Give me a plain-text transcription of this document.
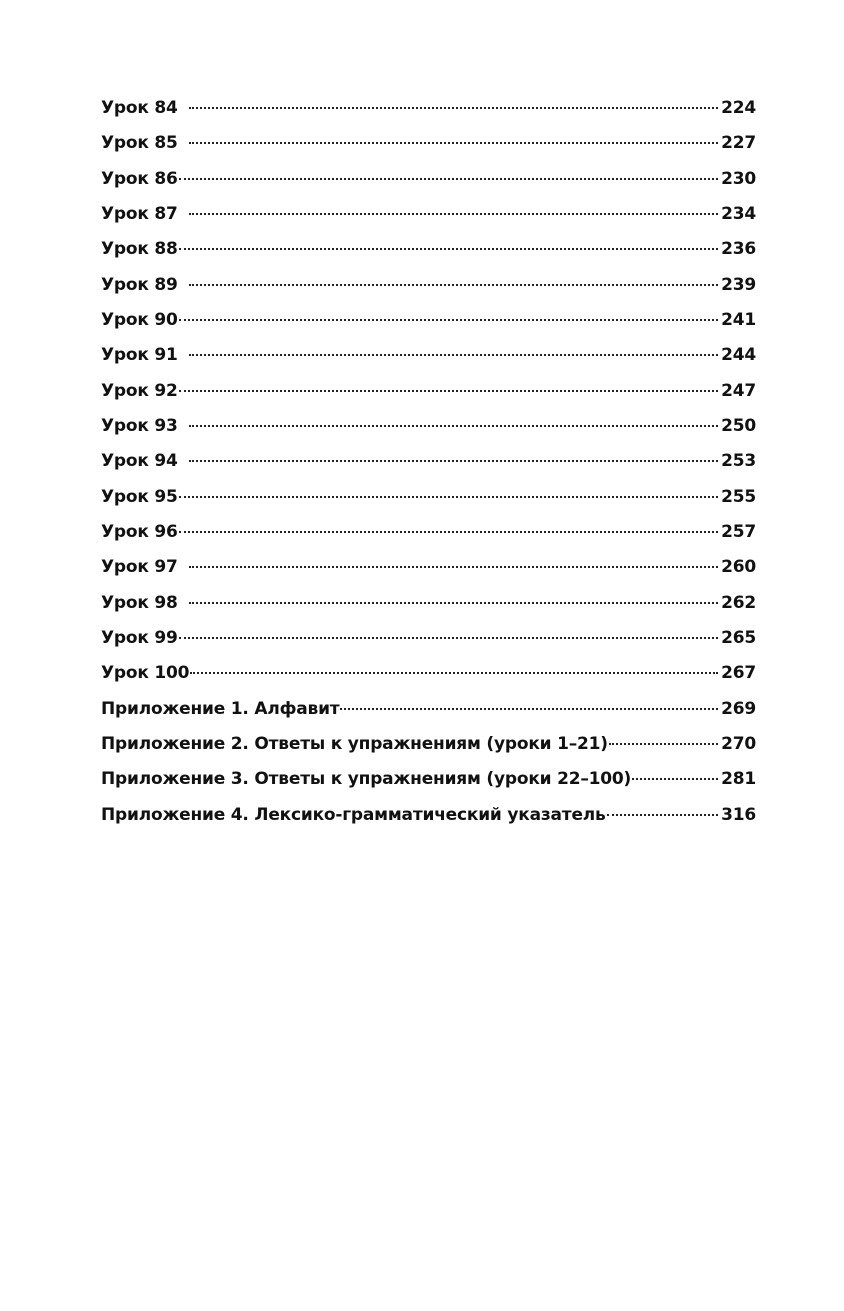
Урок 84	224
Урок 85	227
Урок 86	230
Урок 87	234
Урок 88	236
Урок 89	239
Урок 90	241
Урок 91	244
Урок 92	247
Урок 93	250
Урок 94	253
Урок 95	255
Урок 96	257
Урок 97	260
Урок 98	262
Урок 99	265
Урок 100	267
Приложение 1. Алфавит	269
Приложение 2. Ответы к упражнениям (уроки 1–21)	270
Приложение 3. Ответы к упражнениям (уроки 22–100)	281
Приложение 4. Лексико-грамматический указатель	316
